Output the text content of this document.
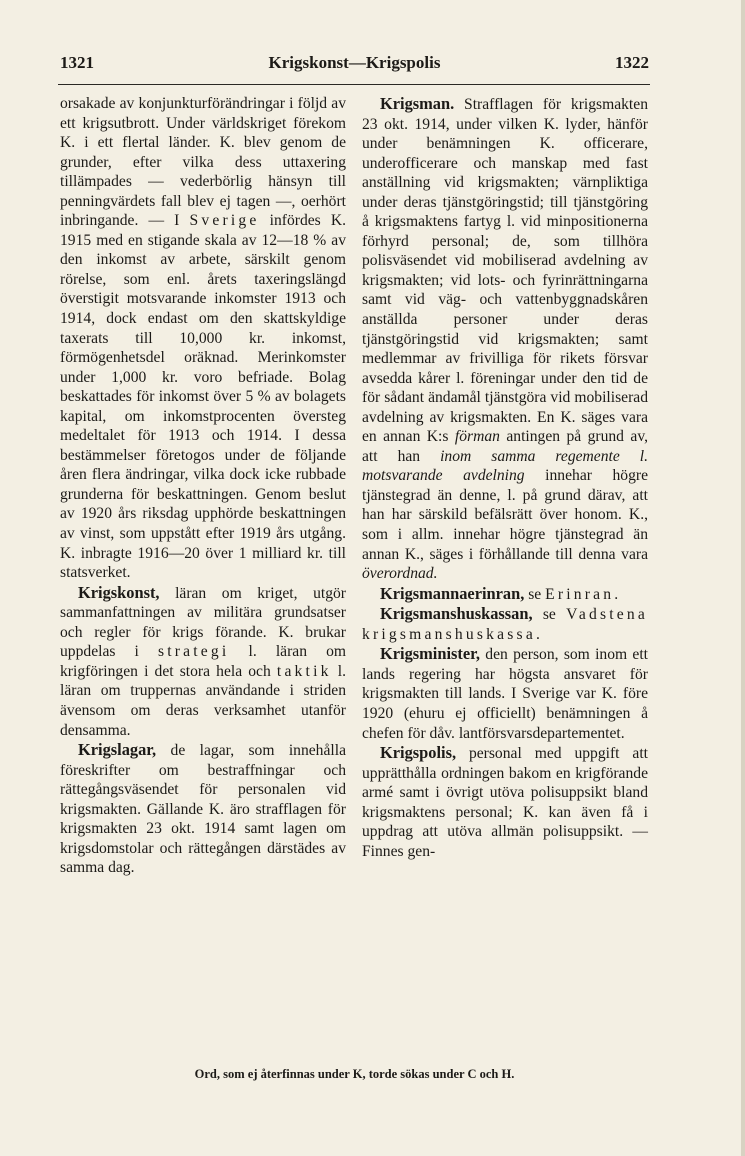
1321	Krigskonst—Krigspolis	1322

orsakade av konjunkturförändringar i följd av ett krigsutbrott. Under världskriget förekom K. i ett flertal länder. K. blev genom de grunder, efter vilka dess uttaxering tillämpades — vederbörlig hänsyn till penningvärdets fall blev ej tagen —, oerhört inbringande. — I Sverige infördes K. 1915 med en stigande skala av 12—18 % av den inkomst av arbete, särskilt genom rörelse, som enl. årets taxeringslängd överstigit motsvarande inkomster 1913 och 1914, dock endast om den skattskyldige taxerats till 10,000 kr. inkomst, förmögenhetsdel oräknad. Merinkomster under 1,000 kr. voro befriade. Bolag beskattades för inkomst över 5 % av bolagets kapital, om inkomstprocenten översteg medeltalet för 1913 och 1914. I dessa bestämmelser företogos under de följande åren flera ändringar, vilka dock icke rubbade grunderna för beskattningen. Genom beslut av 1920 års riksdag upphörde beskattningen av vinst, som uppstått efter 1919 års utgång. K. inbragte 1916—20 över 1 milliard kr. till statsverket.

Krigskonst, läran om kriget, utgör sammanfattningen av militära grundsatser och regler för krigs förande. K. brukar uppdelas i strategi l. läran om krigföringen i det stora hela och taktik l. läran om truppernas användande i striden ävensom om deras verksamhet utanför densamma.

Krigslagar, de lagar, som innehålla föreskrifter om bestraffningar och rättegångsväsendet för personalen vid krigsmakten. Gällande K. äro strafflagen för krigsmakten 23 okt. 1914 samt lagen om krigsdomstolar och rättegången därstädes av samma dag.

Krigsman. Strafflagen för krigsmakten 23 okt. 1914, under vilken K. lyder, hänför under benämningen K. officerare, underofficerare och manskap med fast anställning vid krigsmakten; värnpliktiga under deras tjänstgöringstid; till tjänstgöring å krigsmaktens fartyg l. vid minpositionerna förhyrd personal; de, som tillhöra polisväsendet vid mobiliserad avdelning av krigsmakten; vid lots- och fyrinrättningarna samt vid väg- och vattenbyggnadskåren anställda personer under deras tjänstgöringstid vid krigsmakten; samt medlemmar av frivilliga för rikets försvar avsedda kårer l. föreningar under den tid de för sådant ändamål tjänstgöra vid mobiliserad avdelning av krigsmakten. En K. säges vara en annan K:s förman antingen på grund av, att han inom samma regemente l. motsvarande avdelning innehar högre tjänstegrad än denne, l. på grund därav, att han har särskild befälsrätt över honom. K., som i allm. innehar högre tjänstegrad än annan K., säges i förhållande till denna vara överordnad.

Krigsmannaerinran, se Erinran.

Krigsmanshuskassan, se Vadstena krigsmanshuskassa.

Krigsminister, den person, som inom ett lands regering har högsta ansvaret för krigsmakten till lands. I Sverige var K. före 1920 (ehuru ej officiellt) benämningen å chefen för dåv. lantförsvarsdepartementet.

Krigspolis, personal med uppgift att upprätthålla ordningen bakom en krigförande armé samt i övrigt utöva polisuppsikt bland krigsmaktens personal; K. kan även få i uppdrag att utöva allmän polisuppsikt. — Finnes gen-

Ord, som ej återfinnas under K, torde sökas under C och H.
